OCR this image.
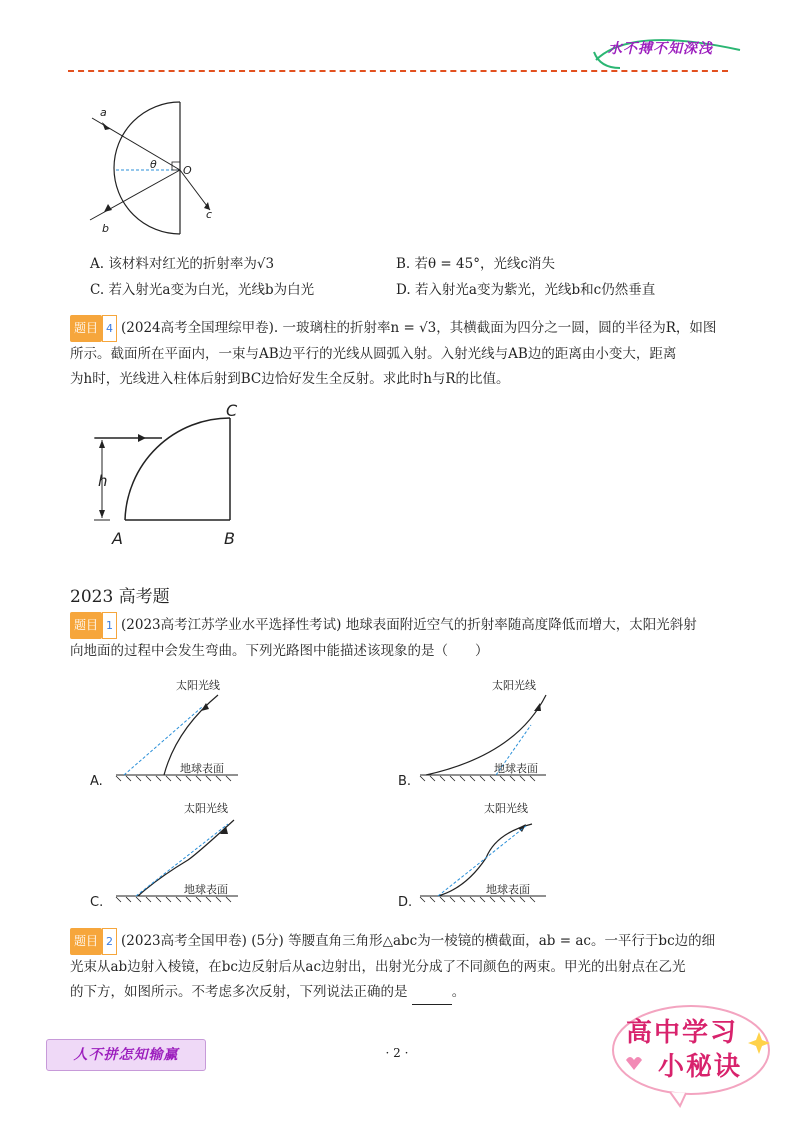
水不搏不知深浅
a
b
c
O
θ
A. 该材料对红光的折射率为√3	B. 若θ = 45°，光线c消失
C. 若入射光a变为白光，光线b为白光	D. 若入射光a变为紫光，光线b和c仍然垂直
题目 4 (2024高考全国理综甲卷). 一玻璃柱的折射率n = √3，其横截面为四分之一圆，圆的半径为R，如图
所示。截面所在平面内，一束与AB边平行的光线从圆弧入射。入射光线与AB边的距离由小变大，距离
为h时，光线进入柱体后射到BC边恰好发生全反射。求此时h与R的比值。
h
A	B
C
2023 高考题
题目 1 (2023高考江苏学业水平选择性考试) 地球表面附近空气的折射率随高度降低而增大，太阳光斜射
向地面的过程中会发生弯曲。下列光路图中能描述该现象的是（　　）
A.
太阳光线
地球表面
B.
太阳光线
地球表面
C.
太阳光线
地球表面
D.
太阳光线
地球表面
题目 2 (2023高考全国甲卷) (5分) 等腰直角三角形△abc为一棱镜的横截面，ab = ac。一平行于bc边的细
光束从ab边射入棱镜，在bc边反射后从ac边射出，出射光分成了不同颜色的两束。甲光的出射点在乙光
的下方，如图所示。不考虑多次反射，下列说法正确的是	。
人不拼怎知输赢	· 2 ·
高中学习
小秘诀
